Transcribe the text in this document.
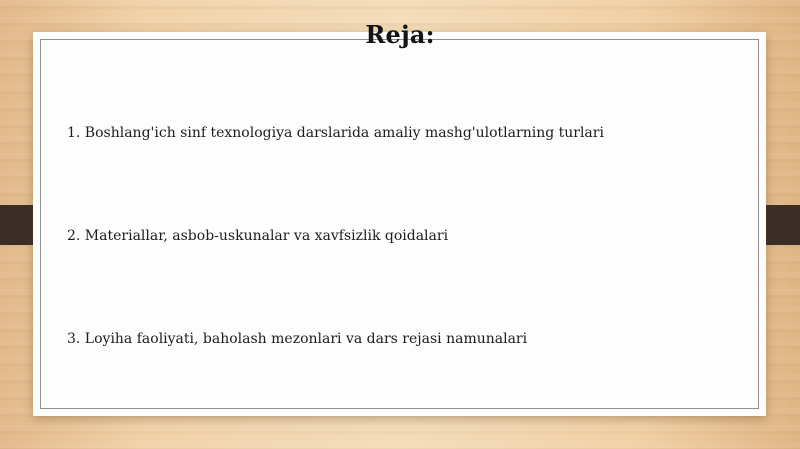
Reja:
1. Boshlang'ich sinf texnologiya darslarida amaliy mashg'ulotlarning turlari
2. Materiallar, asbob-uskunalar va xavfsizlik qoidalari
3. Loyiha faoliyati, baholash mezonlari va dars rejasi namunalari
